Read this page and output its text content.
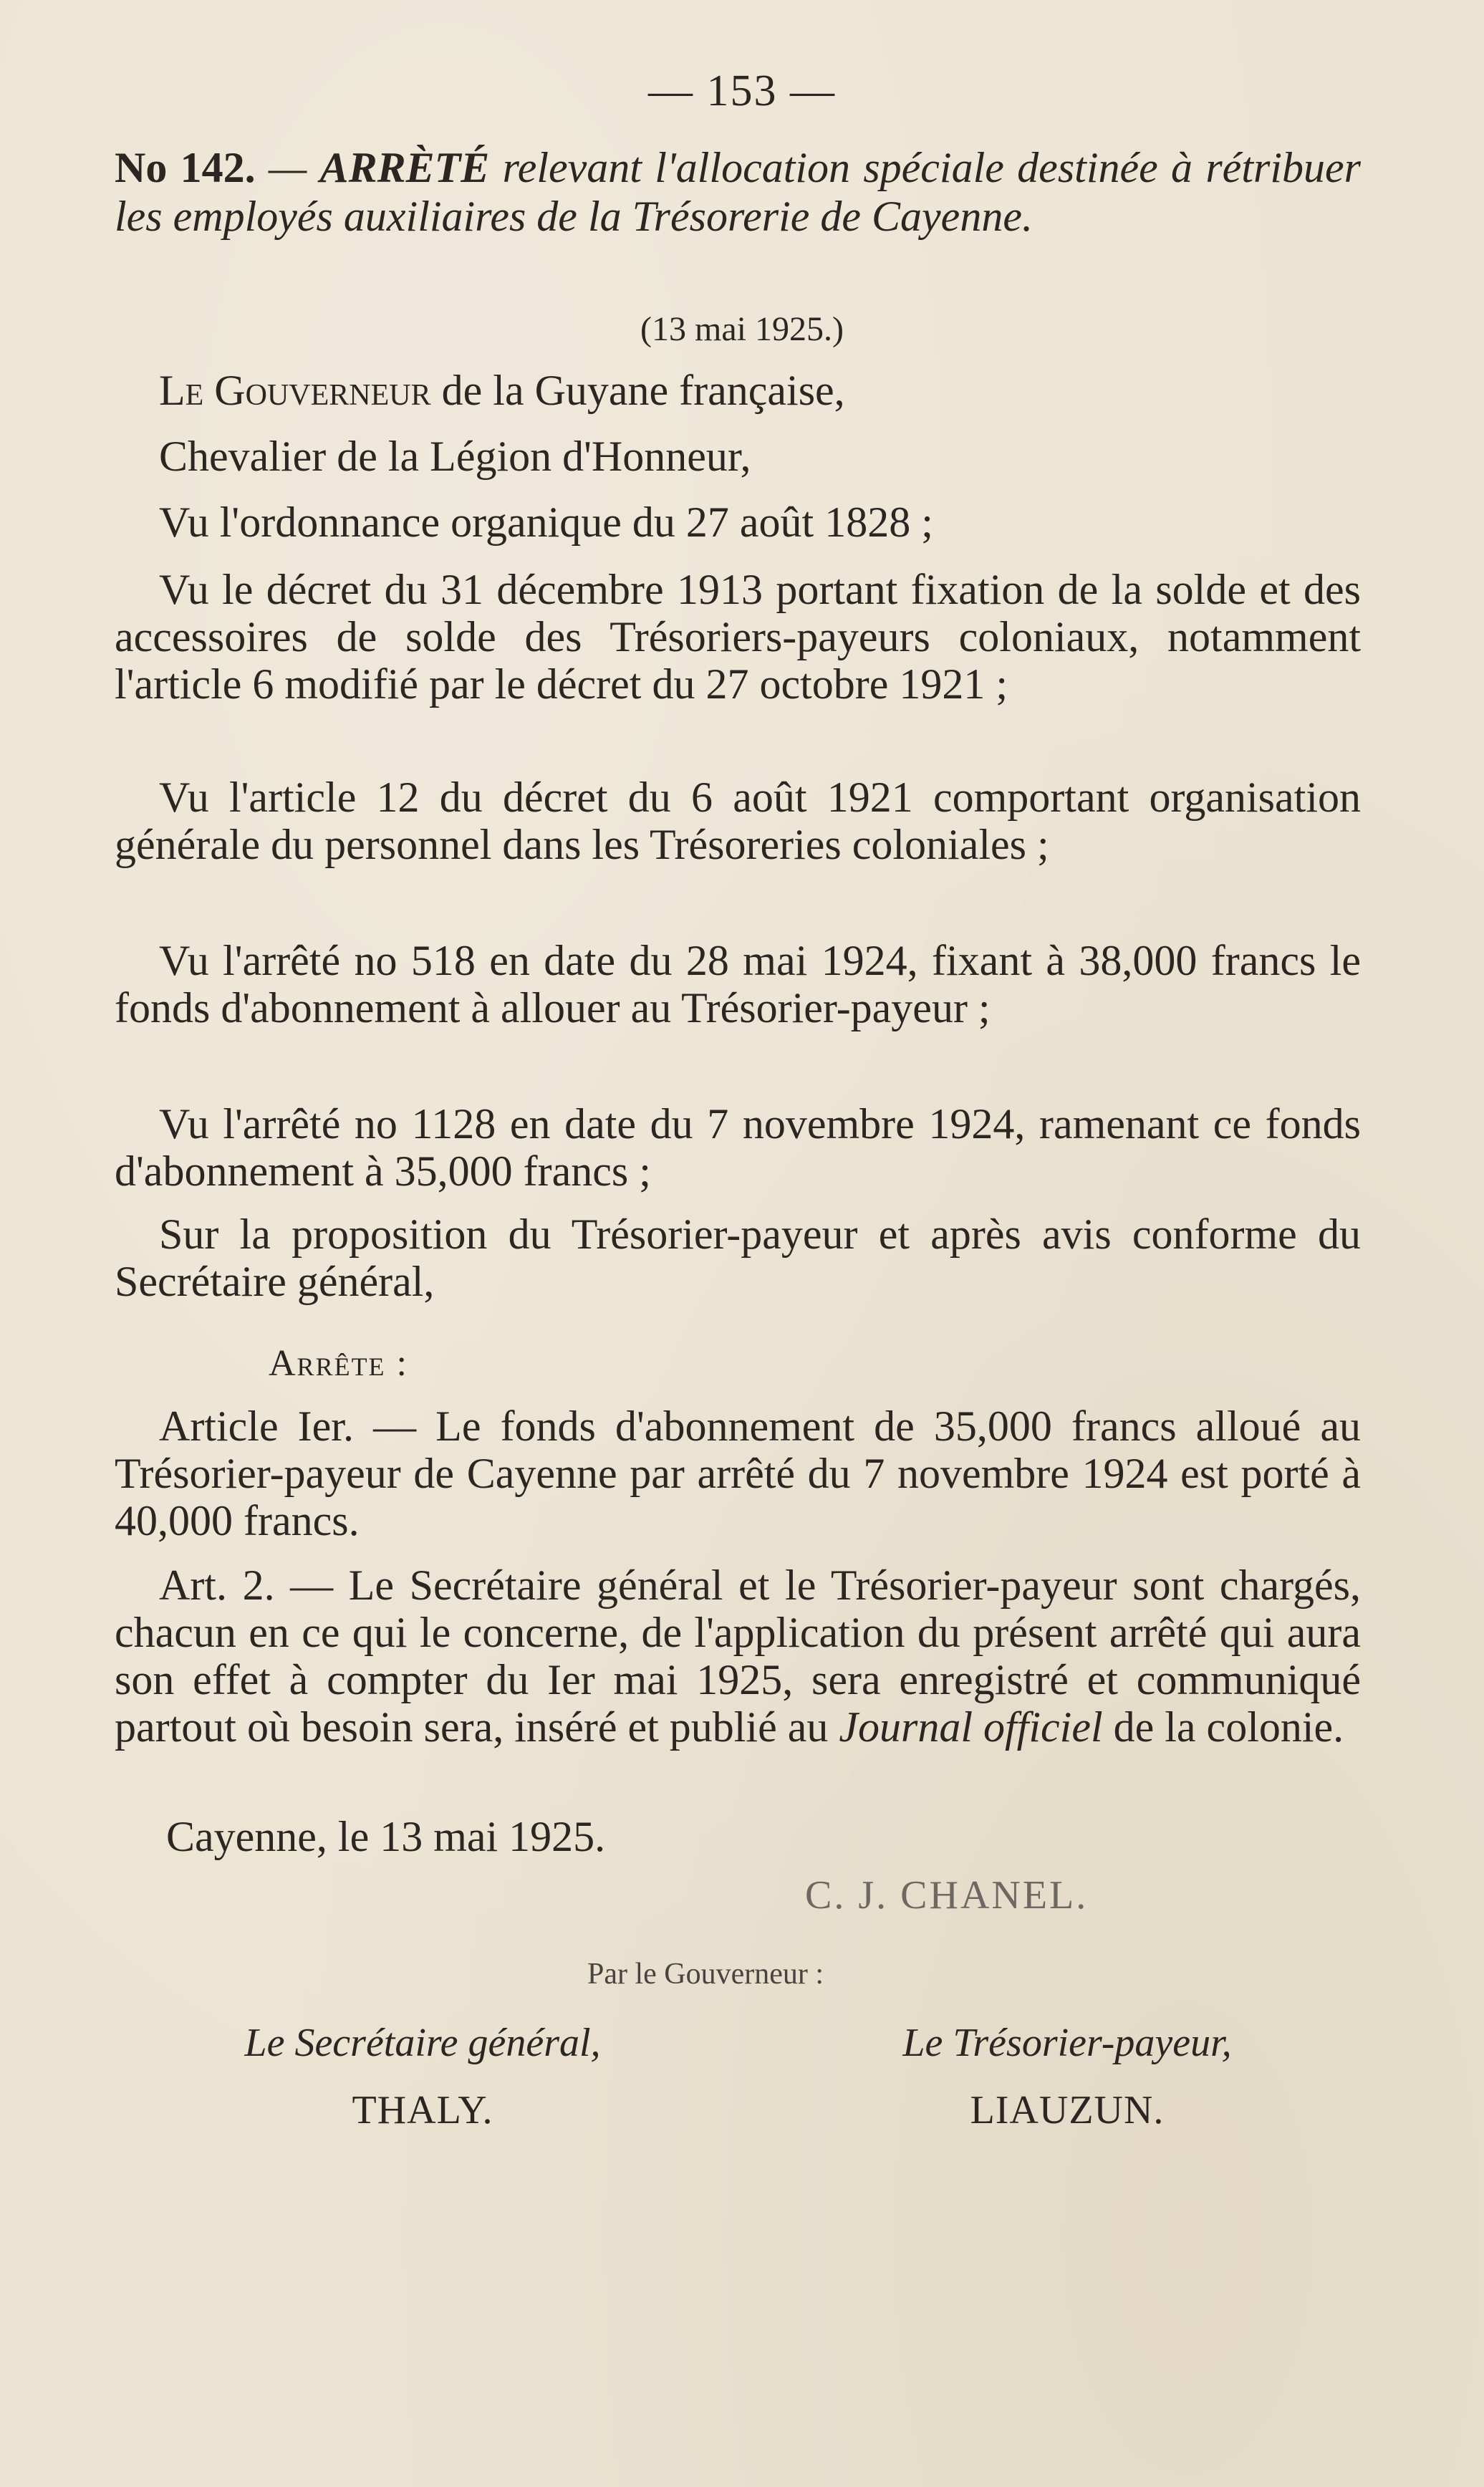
— 153 —
No 142. — ARRÈTÉ relevant l'allocation spéciale destinée à rétribuer les employés auxiliaires de la Trésorerie de Cayenne.
(13 mai 1925.)
Le Gouverneur de la Guyane française,
Chevalier de la Légion d'Honneur,
Vu l'ordonnance organique du 27 août 1828 ;
Vu le décret du 31 décembre 1913 portant fixation de la solde et des accessoires de solde des Trésoriers-payeurs coloniaux, notamment l'article 6 modifié par le décret du 27 octobre 1921 ;
Vu l'article 12 du décret du 6 août 1921 comportant organisation générale du personnel dans les Trésoreries coloniales ;
Vu l'arrêté no 518 en date du 28 mai 1924, fixant à 38,000 francs le fonds d'abonnement à allouer au Trésorier-payeur ;
Vu l'arrêté no 1128 en date du 7 novembre 1924, ramenant ce fonds d'abonnement à 35,000 francs ;
Sur la proposition du Trésorier-payeur et après avis conforme du Secrétaire général,
Arrête :
Article Ier. — Le fonds d'abonnement de 35,000 francs alloué au Trésorier-payeur de Cayenne par arrêté du 7 novembre 1924 est porté à 40,000 francs.
Art. 2. — Le Secrétaire général et le Trésorier-payeur sont chargés, chacun en ce qui le concerne, de l'application du présent arrêté qui aura son effet à compter du Ier mai 1925, sera enregistré et communiqué partout où besoin sera, inséré et publié au Journal officiel de la colonie.
Cayenne, le 13 mai 1925.
C. J. CHANEL.
Par le Gouverneur :
Le Secrétaire général,
THALY.
Le Trésorier-payeur,
LIAUZUN.
